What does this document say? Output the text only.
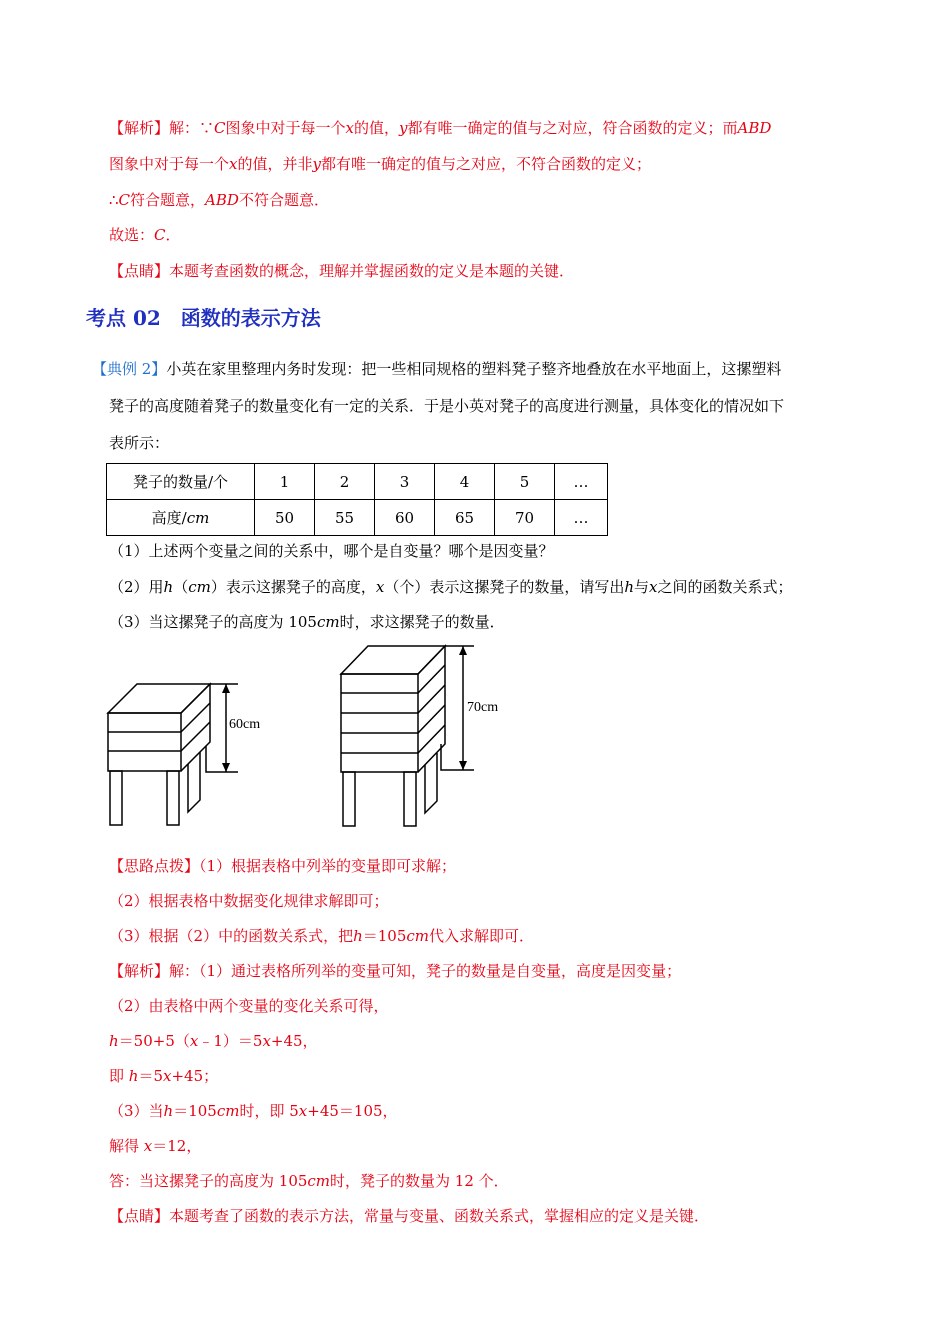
【解析】解：∵C图象中对于每一个x的值，y都有唯一确定的值与之对应，符合函数的定义；而ABD
图象中对于每一个x的值，并非y都有唯一确定的值与之对应，不符合函数的定义；
∴C符合题意，ABD不符合题意．
故选：C．
【点睛】本题考查函数的概念，理解并掌握函数的定义是本题的关键．
考点 02　函数的表示方法
【典例 2】小英在家里整理内务时发现：把一些相同规格的塑料凳子整齐地叠放在水平地面上，这摞塑料
凳子的高度随着凳子的数量变化有一定的关系．于是小英对凳子的高度进行测量，具体变化的情况如下
表所示：
凳子的数量/个	1	2	3	4	5	…
高度/cm	50	55	60	65	70	…
（1）上述两个变量之间的关系中，哪个是自变量？哪个是因变量？
（2）用h（cm）表示这摞凳子的高度，x（个）表示这摞凳子的数量，请写出h与x之间的函数关系式；
（3）当这摞凳子的高度为 105cm时，求这摞凳子的数量．
60cm
70cm
【思路点拨】（1）根据表格中列举的变量即可求解；
（2）根据表格中数据变化规律求解即可；
（3）根据（2）中的函数关系式，把h＝105cm代入求解即可．
【解析】解：（1）通过表格所列举的变量可知，凳子的数量是自变量，高度是因变量；
（2）由表格中两个变量的变化关系可得，
h＝50+5（x﹣1）＝5x+45，
即 h＝5x+45；
（3）当h＝105cm时，即 5x+45＝105，
解得 x＝12，
答：当这摞凳子的高度为 105cm时，凳子的数量为 12 个．
【点睛】本题考查了函数的表示方法，常量与变量、函数关系式，掌握相应的定义是关键．
